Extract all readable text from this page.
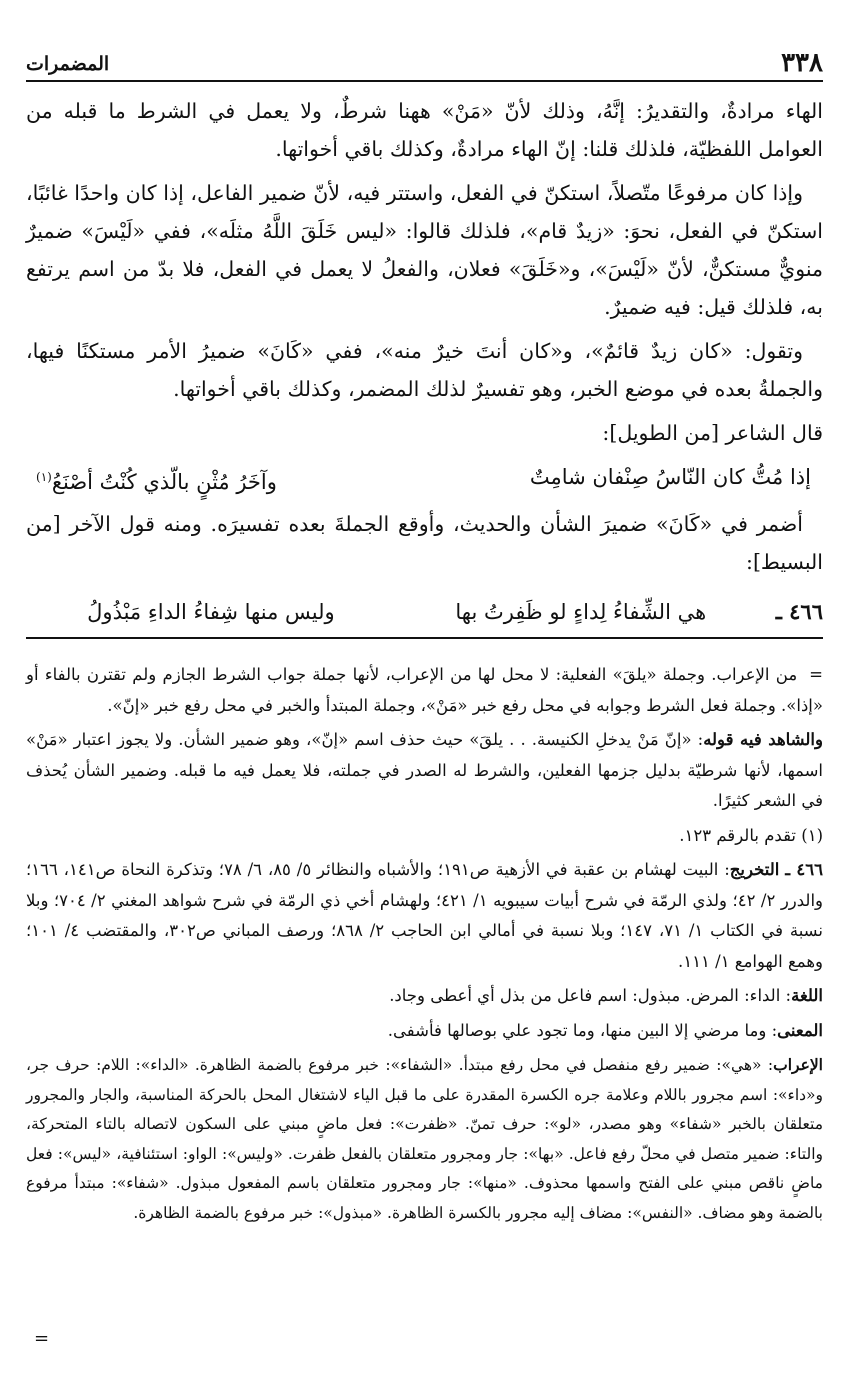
٣٣٨
المضمرات

الهاء مرادةٌ، والتقديرُ: إنَّهُ، وذلك لأنّ «مَنْ» ههنا شرطٌ، ولا يعمل في الشرط ما قبله من العوامل اللفظيّة، فلذلك قلنا: إنّ الهاء مرادةٌ، وكذلك باقي أخواتها.

وإذا كان مرفوعًا متّصلاً، استكنّ في الفعل، واستتر فيه، لأنّ ضمير الفاعل، إذا كان واحدًا غائبًا، استكنّ في الفعل، نحوَ: «زيدٌ قام»، فلذلك قالوا: «ليس خَلَقَ اللَّهُ مثلَه»، ففي «لَيْسَ» ضميرٌ منويٌّ مستكنٌّ، لأنّ «لَيْسَ»، و«خَلَقَ» فعلان، والفعلُ لا يعمل في الفعل، فلا بدّ من اسم يرتفع به، فلذلك قيل: فيه ضميرٌ.

وتقول: «كان زيدٌ قائمٌ»، و«كان أنتَ خيرٌ منه»، ففي «كَانَ» ضميرُ الأمر مستكنًا فيها، والجملةُ بعده في موضع الخبر، وهو تفسيرٌ لذلك المضمر، وكذلك باقي أخواتها.

قال الشاعر [من الطويل]:

إذا مُتُّ كان النّاسُ صِنْفان شامِتٌ
وآخَرُ مُثْنٍ بالّذي كُنْتُ أصْنَعُ$^{(١)}$

أضمر في «كَانَ» ضميرَ الشأن والحديث، وأوقع الجملةَ بعده تفسيرَه. ومنه قول الآخر [من البسيط]:

٤٦٦ ـ
هي الشِّفاءُ لِداءٍ لو ظَفِرتُ بها
وليس منها شِفاءُ الداءِ مَبْذُولُ

=من الإعراب. وجملة «يلقَ» الفعلية: لا محل لها من الإعراب، لأنها جملة جواب الشرط الجازم ولم تقترن بالفاء أو «إذا». وجملة فعل الشرط وجوابه في محل رفع خبر «مَنْ»، وجملة المبتدأ والخبر في محل رفع خبر «إنّ».

والشاهد فيه قوله: «إنّ مَنْ يدخلِ الكنيسة. . . يلقَ» حيث حذف اسم «إنّ»، وهو ضمير الشأن. ولا يجوز اعتبار «مَنْ» اسمها، لأنها شرطيّة بدليل جزمها الفعلين، والشرط له الصدر في جملته، فلا يعمل فيه ما قبله. وضمير الشأن يُحذف في الشعر كثيرًا.

(١) تقدم بالرقم ١٢٣.

٤٦٦ ـ التخريج: البيت لهشام بن عقبة في الأزهية ص١٩١؛ والأشباه والنظائر ٥/ ٨٥، ٦/ ٧٨؛ وتذكرة النحاة ص١٤١، ١٦٦؛ والدرر ٢/ ٤٢؛ ولذي الرمّة في شرح أبيات سيبويه ١/ ٤٢١؛ ولهشام أخي ذي الرمّة في شرح شواهد المغني ٢/ ٧٠٤؛ وبلا نسبة في الكتاب ١/ ٧١، ١٤٧؛ وبلا نسبة في أمالي ابن الحاجب ٢/ ٨٦٨؛ ورصف المباني ص٣٠٢، والمقتضب ٤/ ١٠١؛ وهمع الهوامع ١/ ١١١.

اللغة: الداء: المرض. مبذول: اسم فاعل من بذل أي أعطى وجاد.

المعنى: وما مرضي إلا البين منها، وما تجود علي بوصالها فأشفى.

الإعراب: «هي»: ضمير رفع منفصل في محل رفع مبتدأ. «الشفاء»: خبر مرفوع بالضمة الظاهرة. «الداء»: اللام: حرف جر، و«داء»: اسم مجرور باللام وعلامة جره الكسرة المقدرة على ما قبل الياء لاشتغال المحل بالحركة المناسبة، والجار والمجرور متعلقان بالخبر «شفاء» وهو مصدر، «لو»: حرف تمنّ. «ظفرت»: فعل ماضٍ مبني على السكون لاتصاله بالتاء المتحركة، والتاء: ضمير متصل في محلّ رفع فاعل. «بها»: جار ومجرور متعلقان بالفعل ظفرت. «وليس»: الواو: استئنافية، «ليس»: فعل ماضٍ ناقص مبني على الفتح واسمها محذوف. «منها»: جار ومجرور متعلقان باسم المفعول مبذول. «شفاء»: مبتدأ مرفوع بالضمة وهو مضاف. «النفس»: مضاف إليه مجرور بالكسرة الظاهرة. «مبذول»: خبر مرفوع بالضمة الظاهرة.

=
